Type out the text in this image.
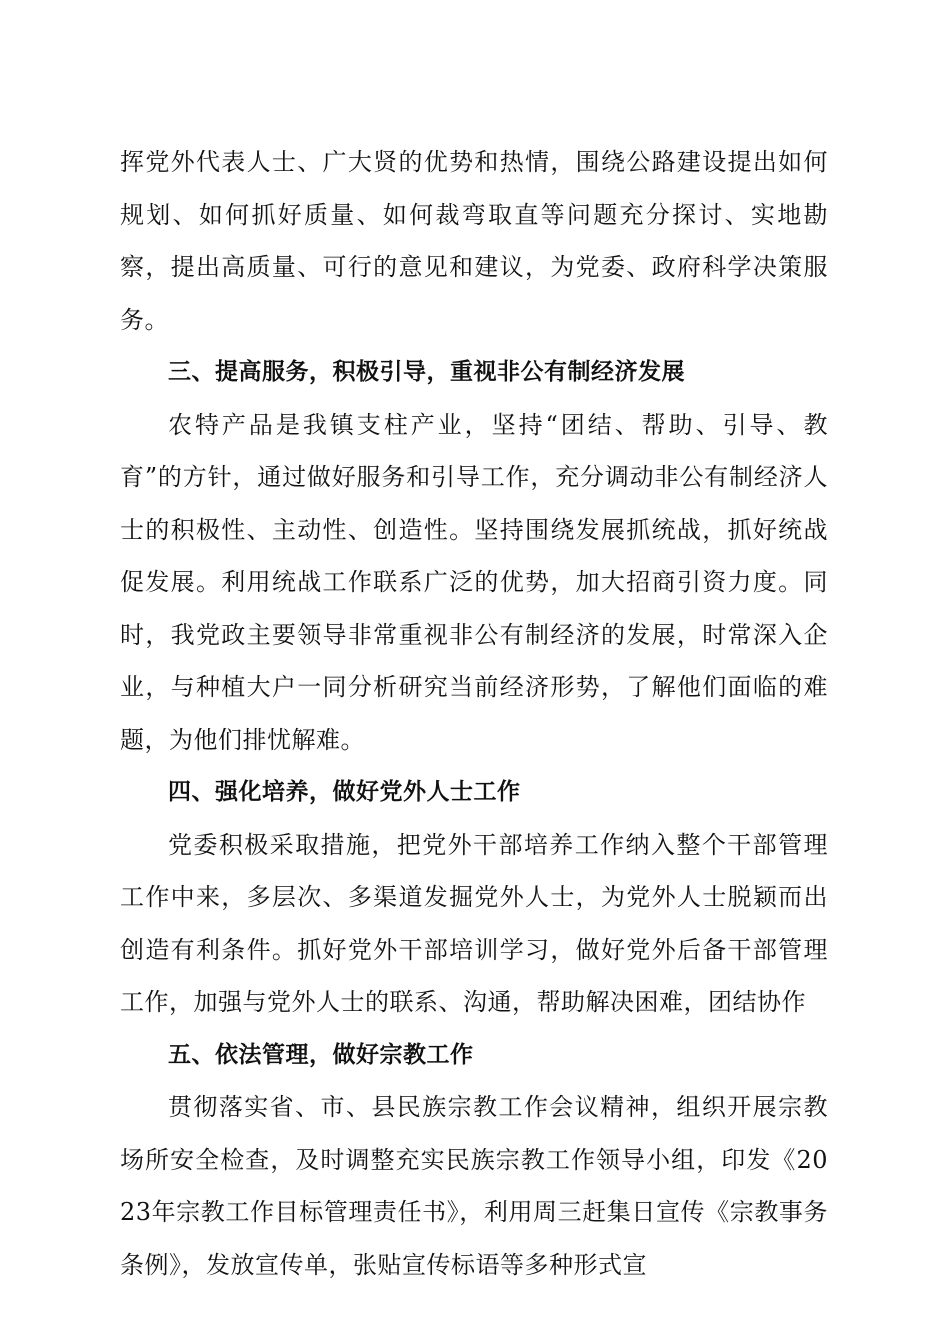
挥党外代表人士、广大贤的优势和热情，围绕公路建设提出如何规划、如何抓好质量、如何裁弯取直等问题充分探讨、实地勘察，提出高质量、可行的意见和建议，为党委、政府科学决策服务。

三、提高服务，积极引导，重视非公有制经济发展

农特产品是我镇支柱产业，坚持“团结、帮助、引导、教育”的方针，通过做好服务和引导工作，充分调动非公有制经济人士的积极性、主动性、创造性。坚持围绕发展抓统战，抓好统战促发展。利用统战工作联系广泛的优势，加大招商引资力度。同时，我党政主要领导非常重视非公有制经济的发展，时常深入企业，与种植大户一同分析研究当前经济形势，了解他们面临的难题，为他们排忧解难。

四、强化培养，做好党外人士工作

党委积极采取措施，把党外干部培养工作纳入整个干部管理工作中来，多层次、多渠道发掘党外人士，为党外人士脱颖而出创造有利条件。抓好党外干部培训学习，做好党外后备干部管理工作，加强与党外人士的联系、沟通，帮助解决困难，团结协作

五、依法管理，做好宗教工作

贯彻落实省、市、县民族宗教工作会议精神，组织开展宗教场所安全检查，及时调整充实民族宗教工作领导小组，印发《2023年宗教工作目标管理责任书》，利用周三赶集日宣传《宗教事务条例》，发放宣传单，张贴宣传标语等多种形式宣
